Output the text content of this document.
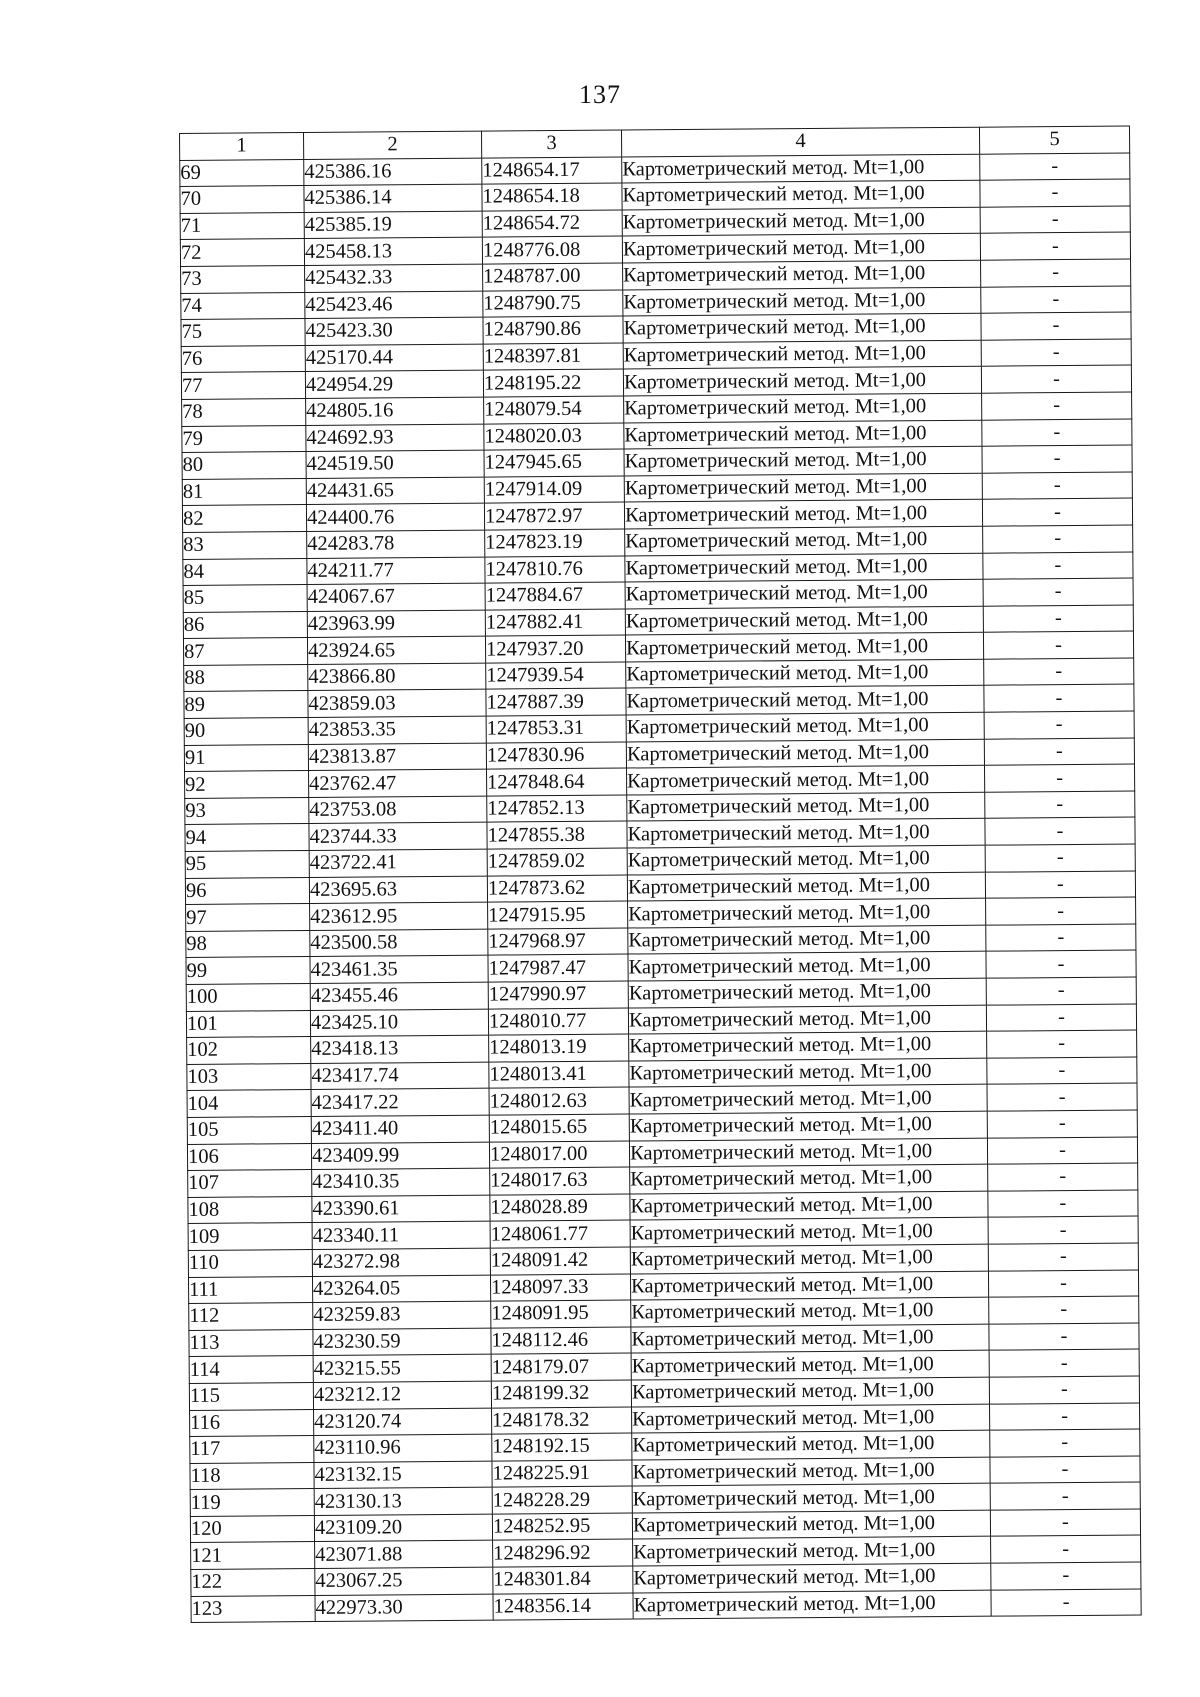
137
1	2	3	4	5
69	425386.16	1248654.17	Картометрический метод. Mt=1,00	-
70	425386.14	1248654.18	Картометрический метод. Mt=1,00	-
71	425385.19	1248654.72	Картометрический метод. Mt=1,00	-
72	425458.13	1248776.08	Картометрический метод. Mt=1,00	-
73	425432.33	1248787.00	Картометрический метод. Mt=1,00	-
74	425423.46	1248790.75	Картометрический метод. Mt=1,00	-
75	425423.30	1248790.86	Картометрический метод. Mt=1,00	-
76	425170.44	1248397.81	Картометрический метод. Mt=1,00	-
77	424954.29	1248195.22	Картометрический метод. Mt=1,00	-
78	424805.16	1248079.54	Картометрический метод. Mt=1,00	-
79	424692.93	1248020.03	Картометрический метод. Mt=1,00	-
80	424519.50	1247945.65	Картометрический метод. Mt=1,00	-
81	424431.65	1247914.09	Картометрический метод. Mt=1,00	-
82	424400.76	1247872.97	Картометрический метод. Mt=1,00	-
83	424283.78	1247823.19	Картометрический метод. Mt=1,00	-
84	424211.77	1247810.76	Картометрический метод. Mt=1,00	-
85	424067.67	1247884.67	Картометрический метод. Mt=1,00	-
86	423963.99	1247882.41	Картометрический метод. Mt=1,00	-
87	423924.65	1247937.20	Картометрический метод. Mt=1,00	-
88	423866.80	1247939.54	Картометрический метод. Mt=1,00	-
89	423859.03	1247887.39	Картометрический метод. Mt=1,00	-
90	423853.35	1247853.31	Картометрический метод. Mt=1,00	-
91	423813.87	1247830.96	Картометрический метод. Mt=1,00	-
92	423762.47	1247848.64	Картометрический метод. Mt=1,00	-
93	423753.08	1247852.13	Картометрический метод. Mt=1,00	-
94	423744.33	1247855.38	Картометрический метод. Mt=1,00	-
95	423722.41	1247859.02	Картометрический метод. Mt=1,00	-
96	423695.63	1247873.62	Картометрический метод. Mt=1,00	-
97	423612.95	1247915.95	Картометрический метод. Mt=1,00	-
98	423500.58	1247968.97	Картометрический метод. Mt=1,00	-
99	423461.35	1247987.47	Картометрический метод. Mt=1,00	-
100	423455.46	1247990.97	Картометрический метод. Mt=1,00	-
101	423425.10	1248010.77	Картометрический метод. Mt=1,00	-
102	423418.13	1248013.19	Картометрический метод. Mt=1,00	-
103	423417.74	1248013.41	Картометрический метод. Mt=1,00	-
104	423417.22	1248012.63	Картометрический метод. Mt=1,00	-
105	423411.40	1248015.65	Картометрический метод. Mt=1,00	-
106	423409.99	1248017.00	Картометрический метод. Mt=1,00	-
107	423410.35	1248017.63	Картометрический метод. Mt=1,00	-
108	423390.61	1248028.89	Картометрический метод. Mt=1,00	-
109	423340.11	1248061.77	Картометрический метод. Mt=1,00	-
110	423272.98	1248091.42	Картометрический метод. Mt=1,00	-
111	423264.05	1248097.33	Картометрический метод. Mt=1,00	-
112	423259.83	1248091.95	Картометрический метод. Mt=1,00	-
113	423230.59	1248112.46	Картометрический метод. Mt=1,00	-
114	423215.55	1248179.07	Картометрический метод. Mt=1,00	-
115	423212.12	1248199.32	Картометрический метод. Mt=1,00	-
116	423120.74	1248178.32	Картометрический метод. Mt=1,00	-
117	423110.96	1248192.15	Картометрический метод. Mt=1,00	-
118	423132.15	1248225.91	Картометрический метод. Mt=1,00	-
119	423130.13	1248228.29	Картометрический метод. Mt=1,00	-
120	423109.20	1248252.95	Картометрический метод. Mt=1,00	-
121	423071.88	1248296.92	Картометрический метод. Mt=1,00	-
122	423067.25	1248301.84	Картометрический метод. Mt=1,00	-
123	422973.30	1248356.14	Картометрический метод. Mt=1,00	-
